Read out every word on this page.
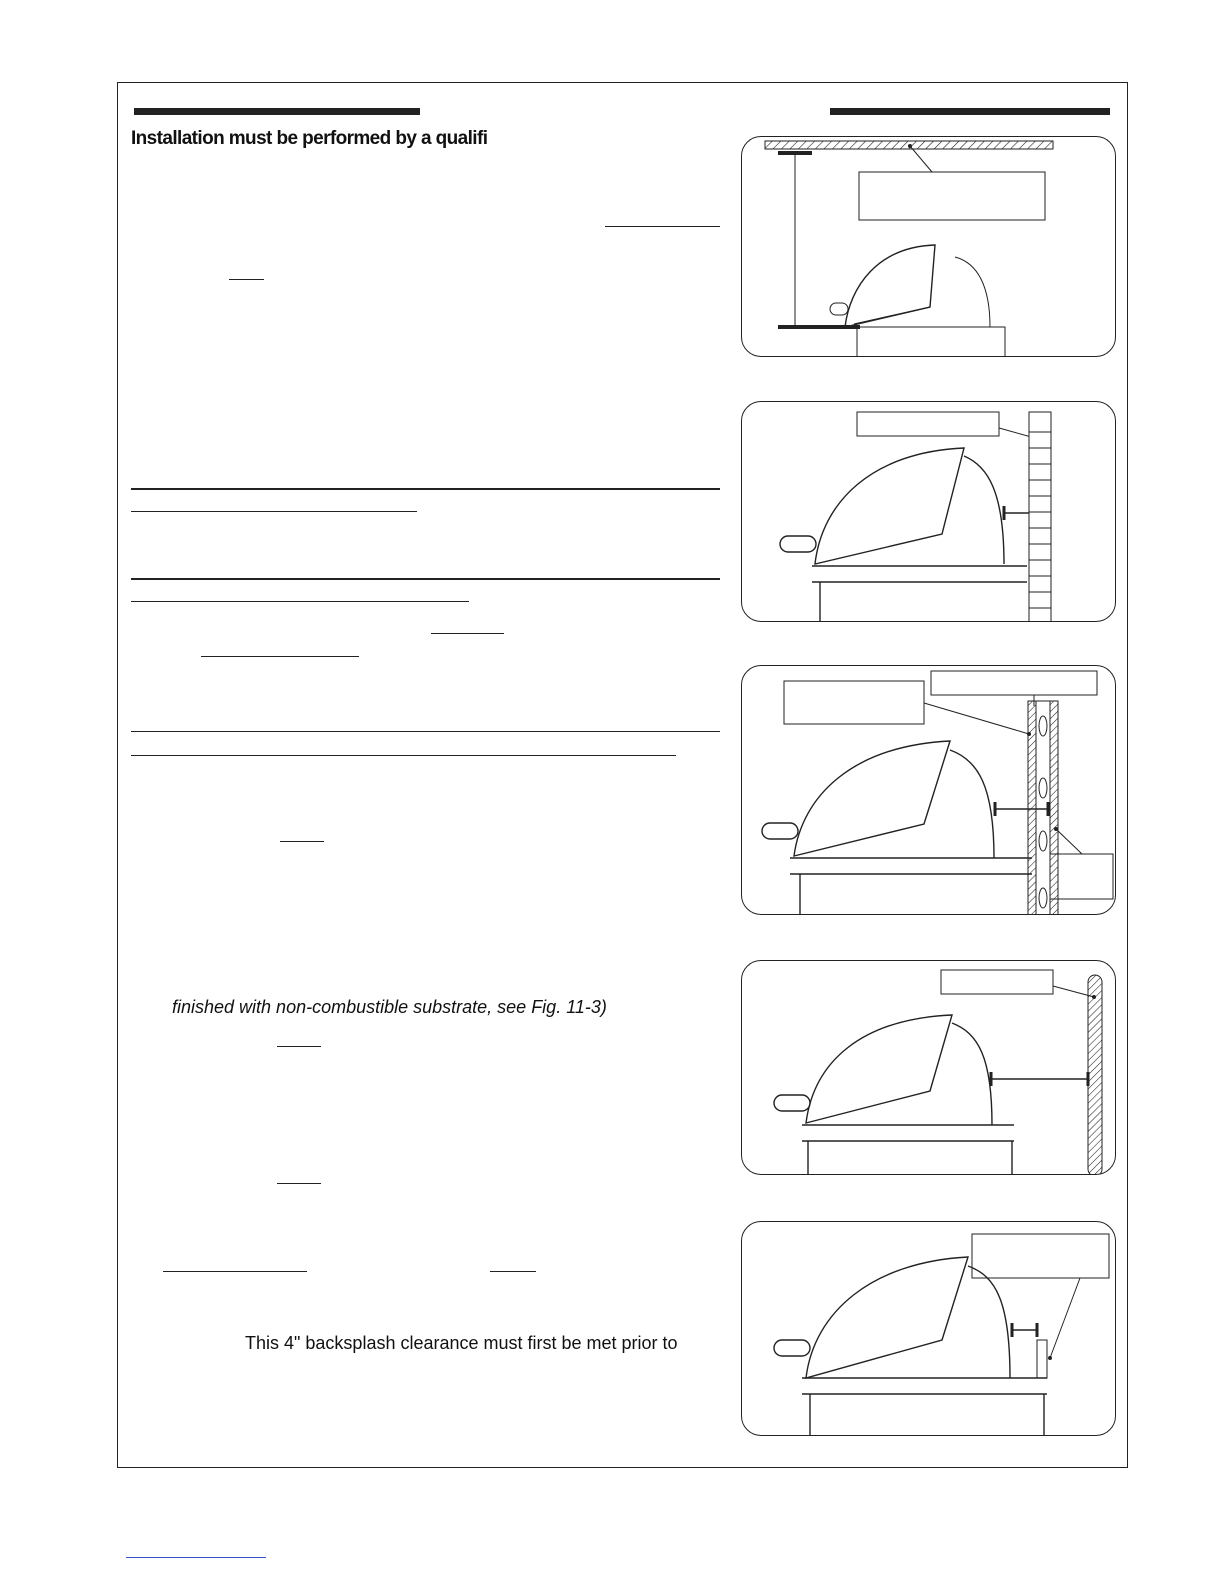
Installation must be performed by a qualifi
finished with non-combustible substrate, see Fig. 11-3)
This 4" backsplash clearance must first be met prior to
